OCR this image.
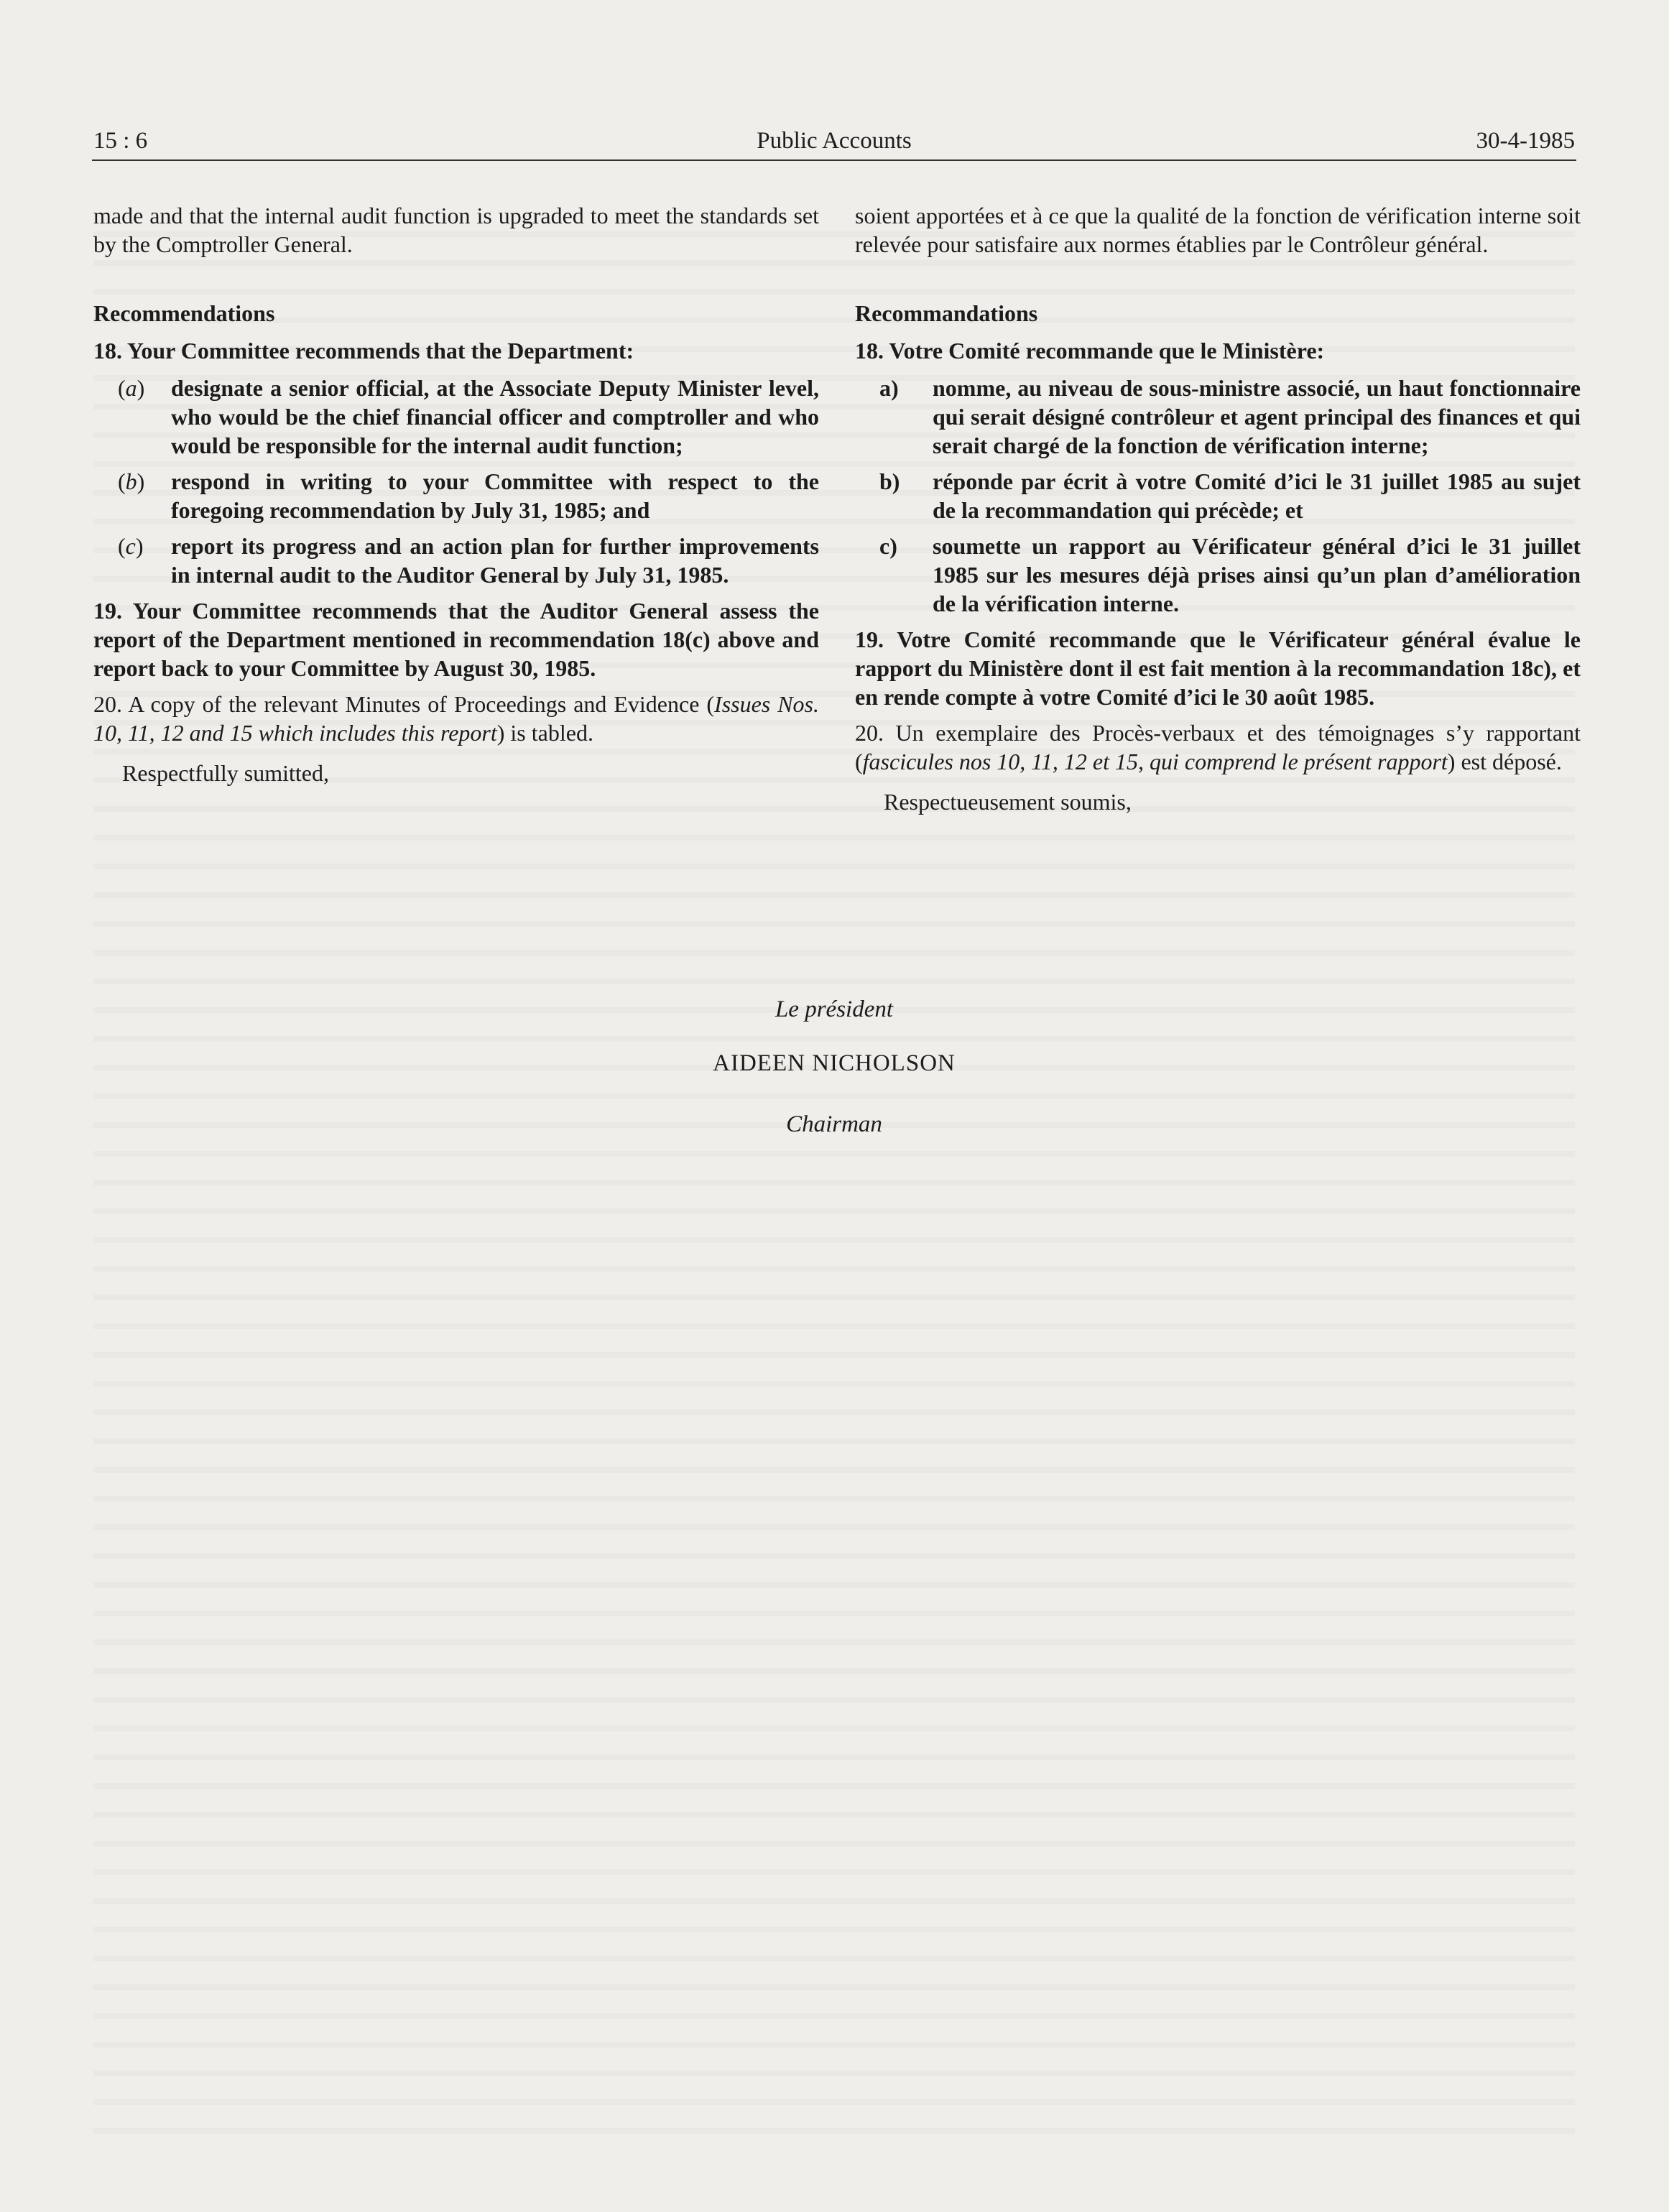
15 : 6	Public Accounts	30-4-1985

made and that the internal audit function is upgraded to meet the standards set by the Comptroller General.

Recommendations

18. Your Committee recommends that the Department:

(a)	designate a senior official, at the Associate Deputy Minister level, who would be the chief financial officer and comptroller and who would be responsible for the internal audit function;
(b)	respond in writing to your Committee with respect to the foregoing recommendation by July 31, 1985; and
(c)	report its progress and an action plan for further improvements in internal audit to the Auditor General by July 31, 1985.

19. Your Committee recommends that the Auditor General assess the report of the Department mentioned in recommendation 18(c) above and report back to your Committee by August 30, 1985.

20. A copy of the relevant Minutes of Proceedings and Evidence (Issues Nos. 10, 11, 12 and 15 which includes this report) is tabled.

Respectfully sumitted,

soient apportées et à ce que la qualité de la fonction de vérification interne soit relevée pour satisfaire aux normes établies par le Contrôleur général.

Recommandations

18. Votre Comité recommande que le Ministère:

a)	nomme, au niveau de sous-ministre associé, un haut fonctionnaire qui serait désigné contrôleur et agent principal des finances et qui serait chargé de la fonction de vérification interne;
b)	réponde par écrit à votre Comité d’ici le 31 juillet 1985 au sujet de la recommandation qui précède; et
c)	soumette un rapport au Vérificateur général d’ici le 31 juillet 1985 sur les mesures déjà prises ainsi qu’un plan d’amélioration de la vérification interne.

19. Votre Comité recommande que le Vérificateur général évalue le rapport du Ministère dont il est fait mention à la recommandation 18c), et en rende compte à votre Comité d’ici le 30 août 1985.

20. Un exemplaire des Procès-verbaux et des témoignages s’y rapportant (fascicules nos 10, 11, 12 et 15, qui comprend le présent rapport) est déposé.

Respectueusement soumis,

Le président
AIDEEN NICHOLSON
Chairman
